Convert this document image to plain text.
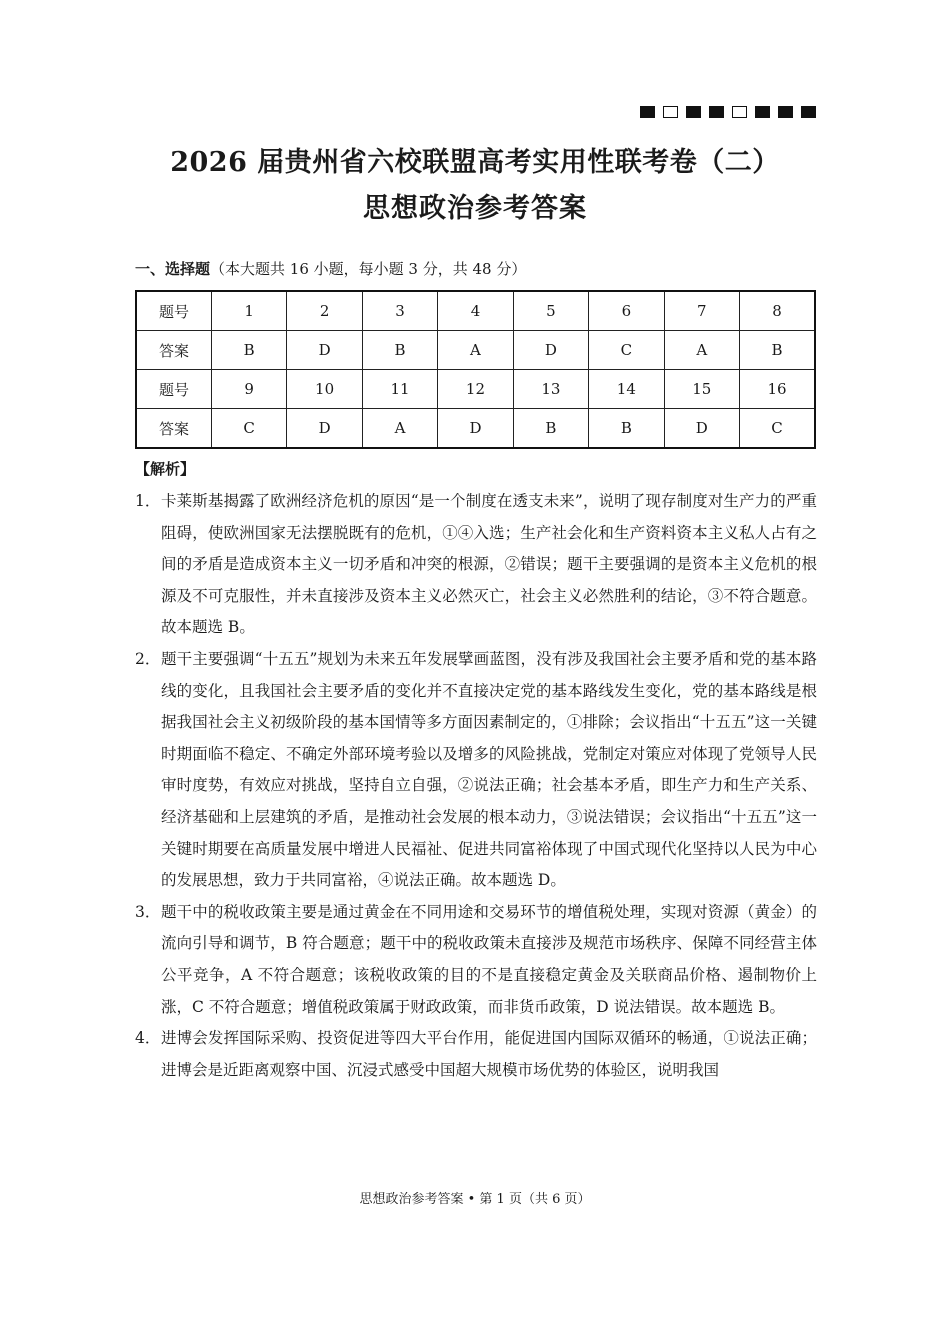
2026 届贵州省六校联盟高考实用性联考卷（二）
思想政治参考答案
一、选择题（本大题共 16 小题，每小题 3 分，共 48 分）
题号	1	2	3	4	5	6	7	8
答案	B	D	B	A	D	C	A	B
题号	9	10	11	12	13	14	15	16
答案	C	D	A	D	B	B	D	C
【解析】
1． 卡莱斯基揭露了欧洲经济危机的原因“是一个制度在透支未来”，说明了现存制度对生产力的严重阻碍，使欧洲国家无法摆脱既有的危机，①④入选；生产社会化和生产资料资本主义私人占有之间的矛盾是造成资本主义一切矛盾和冲突的根源，②错误；题干主要强调的是资本主义危机的根源及不可克服性，并未直接涉及资本主义必然灭亡，社会主义必然胜利的结论，③不符合题意。故本题选 B。
2． 题干主要强调“十五五”规划为未来五年发展擘画蓝图，没有涉及我国社会主要矛盾和党的基本路线的变化，且我国社会主要矛盾的变化并不直接决定党的基本路线发生变化，党的基本路线是根据我国社会主义初级阶段的基本国情等多方面因素制定的，①排除；会议指出“十五五”这一关键时期面临不稳定、不确定外部环境考验以及增多的风险挑战，党制定对策应对体现了党领导人民审时度势，有效应对挑战，坚持自立自强，②说法正确；社会基本矛盾，即生产力和生产关系、经济基础和上层建筑的矛盾，是推动社会发展的根本动力，③说法错误；会议指出“十五五”这一关键时期要在高质量发展中增进人民福祉、促进共同富裕体现了中国式现代化坚持以人民为中心的发展思想，致力于共同富裕，④说法正确。故本题选 D。
3． 题干中的税收政策主要是通过黄金在不同用途和交易环节的增值税处理，实现对资源（黄金）的流向引导和调节，B 符合题意；题干中的税收政策未直接涉及规范市场秩序、保障不同经营主体公平竞争，A 不符合题意；该税收政策的目的不是直接稳定黄金及关联商品价格、遏制物价上涨，C 不符合题意；增值税政策属于财政政策，而非货币政策，D 说法错误。故本题选 B。
4． 进博会发挥国际采购、投资促进等四大平台作用，能促进国内国际双循环的畅通，①说法正确；进博会是近距离观察中国、沉浸式感受中国超大规模市场优势的体验区，说明我国
思想政治参考答案 • 第 1 页（共 6 页）
